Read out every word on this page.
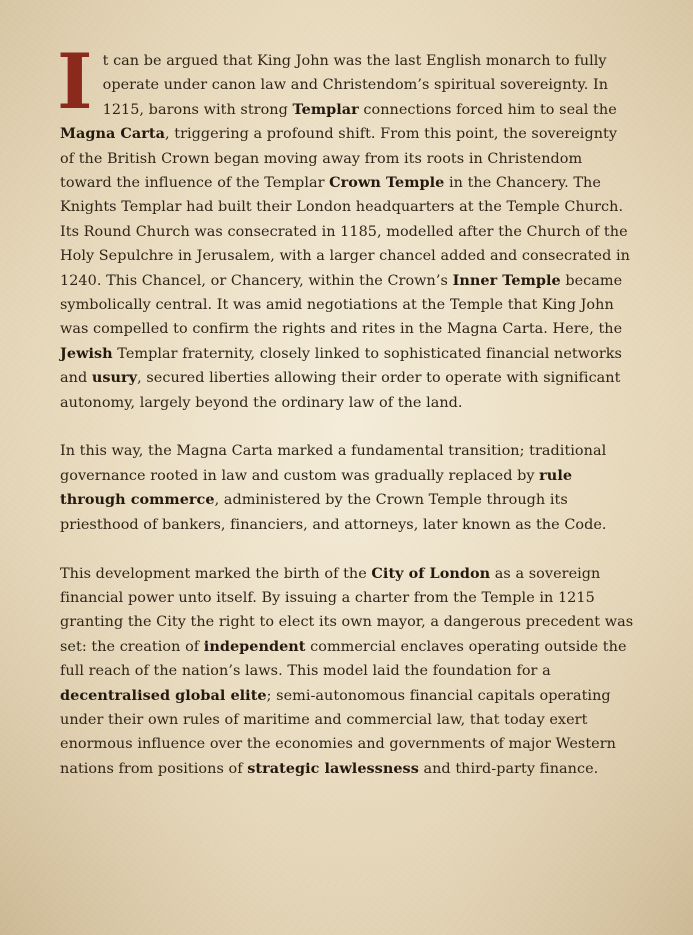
I t can be argued that King John was the last English monarch to fully operate under canon law and Christendom’s spiritual sovereignty. In 1215, barons with strong Templar connections forced him to seal the Magna Carta, triggering a profound shift. From this point, the sovereignty of the British Crown began moving away from its roots in Christendom toward the influence of the Templar Crown Temple in the Chancery. The Knights Templar had built their London headquarters at the Temple Church. Its Round Church was consecrated in 1185, modelled after the Church of the Holy Sepulchre in Jerusalem, with a larger chancel added and consecrated in 1240. This Chancel, or Chancery, within the Crown’s Inner Temple became symbolically central. It was amid negotiations at the Temple that King John was compelled to confirm the rights and rites in the Magna Carta. Here, the Jewish Templar fraternity, closely linked to sophisticated financial networks and usury, secured liberties allowing their order to operate with significant autonomy, largely beyond the ordinary law of the land.

In this way, the Magna Carta marked a fundamental transition; traditional governance rooted in law and custom was gradually replaced by rule through commerce, administered by the Crown Temple through its priesthood of bankers, financiers, and attorneys, later known as the Code.

This development marked the birth of the City of London as a sovereign financial power unto itself. By issuing a charter from the Temple in 1215 granting the City the right to elect its own mayor, a dangerous precedent was set: the creation of independent commercial enclaves operating outside the full reach of the nation’s laws. This model laid the foundation for a decentralised global elite; semi-autonomous financial capitals operating under their own rules of maritime and commercial law, that today exert enormous influence over the economies and governments of major Western nations from positions of strategic lawlessness and third-party finance.
